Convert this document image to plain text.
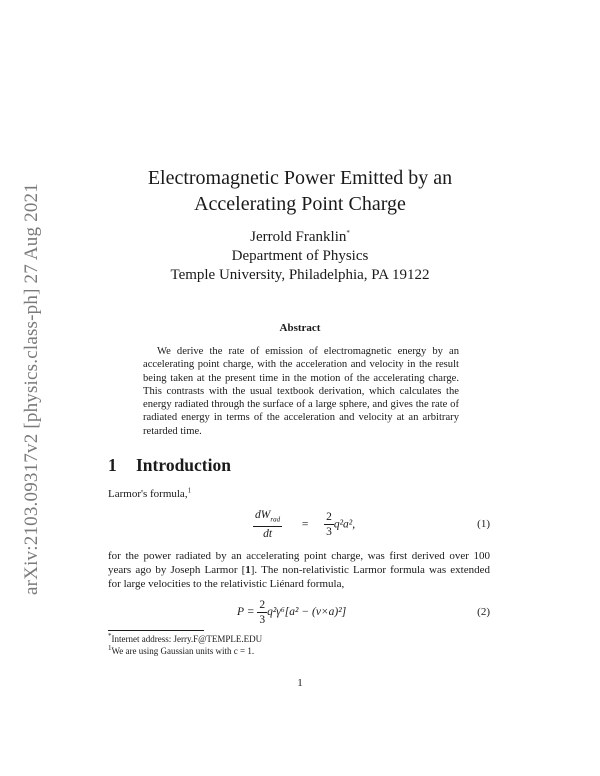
arXiv:2103.09317v2 [physics.class-ph] 27 Aug 2021
Electromagnetic Power Emitted by an
Accelerating Point Charge
Jerrold Franklin*
Department of Physics
Temple University, Philadelphia, PA 19122
Abstract
We derive the rate of emission of electromagnetic energy by an accelerating point charge, with the acceleration and velocity in the result being taken at the present time in the motion of the accelerating charge. This contrasts with the usual textbook derivation, which calculates the energy radiated through the surface of a large sphere, and gives the rate of radiated energy in terms of the acceleration and velocity at an arbitrary retarded time.
1 Introduction
Larmor's formula,$^1$
$\frac{dW_{rad}}{dt} = \frac{2}{3} q^2a^2$,	(1)
for the power radiated by an accelerating point charge, was first derived over 100 years ago by Joseph Larmor [1]. The non-relativistic Larmor formula was extended for large velocities to the relativistic Liénard formula,
$P = \frac{2}{3} q^2\gamma^6[a^2 - (v\times a)^2]$	(2)
*Internet address: Jerry.F@TEMPLE.EDU
$^1$We are using Gaussian units with c = 1.
1
